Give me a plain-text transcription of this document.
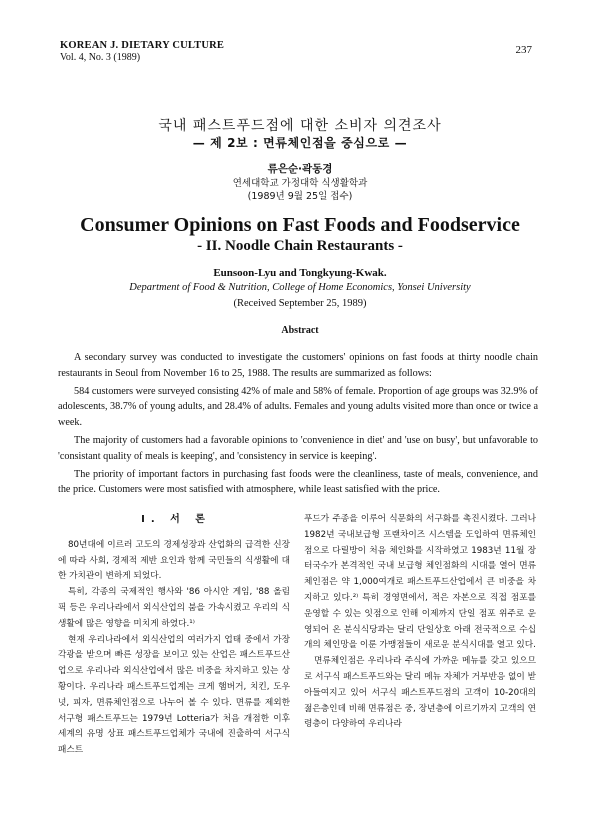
KOREAN J. DIETARY CULTURE
Vol. 4, No. 3 (1989)
237
국내 패스트푸드점에 대한 소비자 의견조사
— 제 2보 : 면류체인점을 중심으로 —
류은순·곽동경
연세대학교 가정대학 식생활학과
(1989년 9월 25일 접수)
Consumer Opinions on Fast Foods and Foodservice
- II. Noodle Chain Restaurants -
Eunsoon-Lyu and Tongkyung-Kwak.
Department of Food & Nutrition, College of Home Economics, Yonsei University
(Received September 25, 1989)
Abstract

A secondary survey was conducted to investigate the customers' opinions on fast foods at thirty noodle chain restaurants in Seoul from November 16 to 25, 1988. The results are summarized as follows:

584 customers were surveyed consisting 42% of male and 58% of female. Proportion of age groups was 32.9% of adolescents, 38.7% of young adults, and 28.4% of adults. Females and young adults visited more than once or twice a week.

The majority of customers had a favorable opinions to 'convenience in diet' and 'use on busy', but unfavorable to 'consistant quality of meals is keeping', and 'consistency in service is keeping'.

The priority of important factors in purchasing fast foods were the cleanliness, taste of meals, convenience, and the price. Customers were most satisfied with atmosphere, while least satisfied with the price.

I. 서 론

80년대에 이르러 고도의 경제성장과 산업화의 급격한 신장에 따라 사회, 경제적 제반 요인과 함께 국민들의 식생활에 대한 가치관이 변하게 되었다.

특히, 각종의 국제적인 행사와 '86 아시안 게임, '88 올림픽 등은 우리나라에서 외식산업의 붐을 가속시켰고 우리의 식생활에 많은 영향을 미치게 하였다.¹⁾

현재 우리나라에서 외식산업의 여러가지 업태 중에서 가장 각광을 받으며 빠른 성장을 보이고 있는 산업은 패스트푸드산업으로 우리나라 외식산업에서 많은 비중을 차지하고 있는 상황이다. 우리나라 패스트푸드업계는 크게 햄버거, 치킨, 도우넛, 피자, 면류체인점으로 나누어 볼 수 있다. 면류를 제외한 서구형 패스트푸드는 1979년 Lotteria가 처음 개점한 이후 세계의 유명 상표 패스트푸드업체가 국내에 진출하여 서구식 패스트

푸드가 주종을 이루어 식문화의 서구화를 촉진시켰다. 그러나 1982년 국내보급형 프랜차이즈 시스템을 도입하여 면류체인점으로 다릴방이 처음 체인화를 시작하였고 1983년 11월 장터국수가 본격적인 국내 보급형 체인점화의 시대를 열어 면류체인점은 약 1,000여개로 패스트푸드산업에서 큰 비중을 차지하고 있다.²⁾ 특히 경영면에서, 적은 자본으로 직접 점포를 운영할 수 있는 잇점으로 인해 이제까지 단일 점포 위주로 운영되어 온 분식식당과는 달리 단일상호 아래 전국적으로 수십개의 체인망을 이룬 가맹점들이 새로운 분식시대를 열고 있다.

면류체인점은 우리나라 주식에 가까운 메뉴를 갖고 있으므로 서구식 패스트푸드와는 달리 메뉴 자체가 거부반응 없이 받아들여지고 있어 서구식 패스트푸드점의 고객이 10-20대의 젊은층인데 비해 면류점은 중, 장년층에 이르기까지 고객의 연령층이 다양하여 우리나라
